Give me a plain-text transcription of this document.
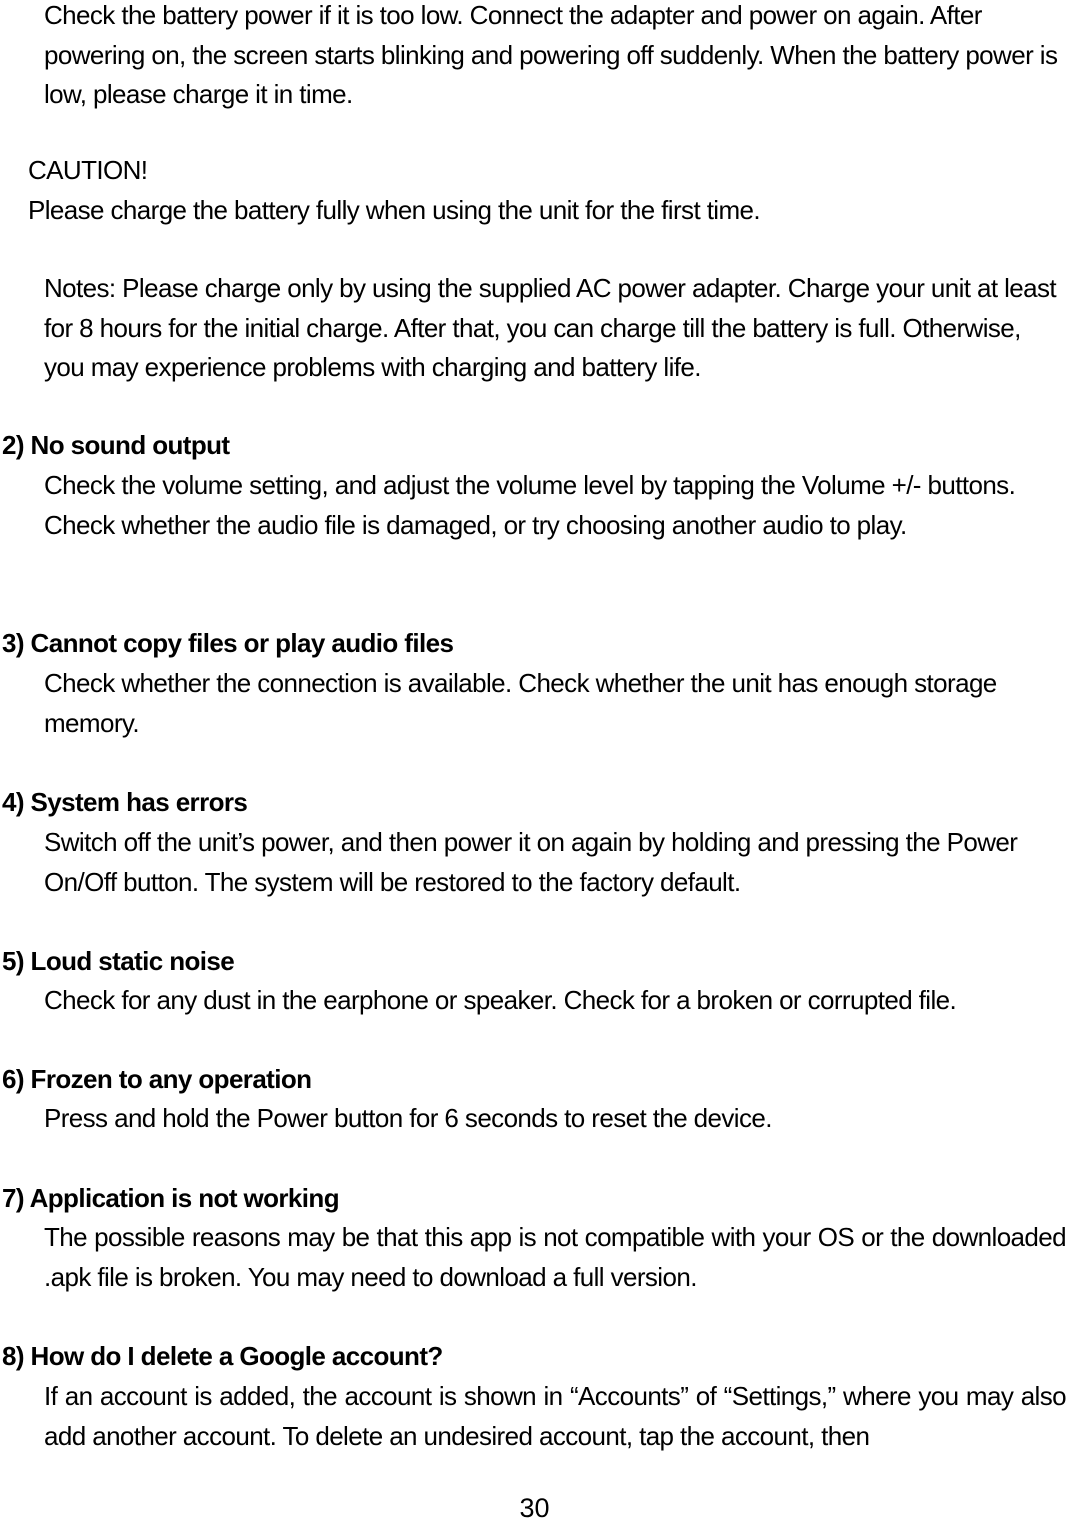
Check the battery power if it is too low. Connect the adapter and power on again. After powering on, the screen starts blinking and powering off suddenly. When the battery power is low, please charge it in time.

CAUTION!

Please charge the battery fully when using the unit for the first time.

Notes: Please charge only by using the supplied AC power adapter. Charge your unit at least for 8 hours for the initial charge. After that, you can charge till the battery is full. Otherwise, you may experience problems with charging and battery life.

2) No sound output

Check the volume setting, and adjust the volume level by tapping the Volume +/- buttons. Check whether the audio file is damaged, or try choosing another audio to play.

3) Cannot copy files or play audio files

Check whether the connection is available. Check whether the unit has enough storage memory.

4) System has errors

Switch off the unit’s power, and then power it on again by holding and pressing the Power On/Off button. The system will be restored to the factory default.

5) Loud static noise

Check for any dust in the earphone or speaker. Check for a broken or corrupted file.

6) Frozen to any operation

Press and hold the Power button for 6 seconds to reset the device.

7) Application is not working

The possible reasons may be that this app is not compatible with your OS or the downloaded .apk file is broken. You may need to download a full version.

8) How do I delete a Google account?

If an account is added, the account is shown in “Accounts” of “Settings,” where you may also add another account. To delete an undesired account, tap the account, then

30
